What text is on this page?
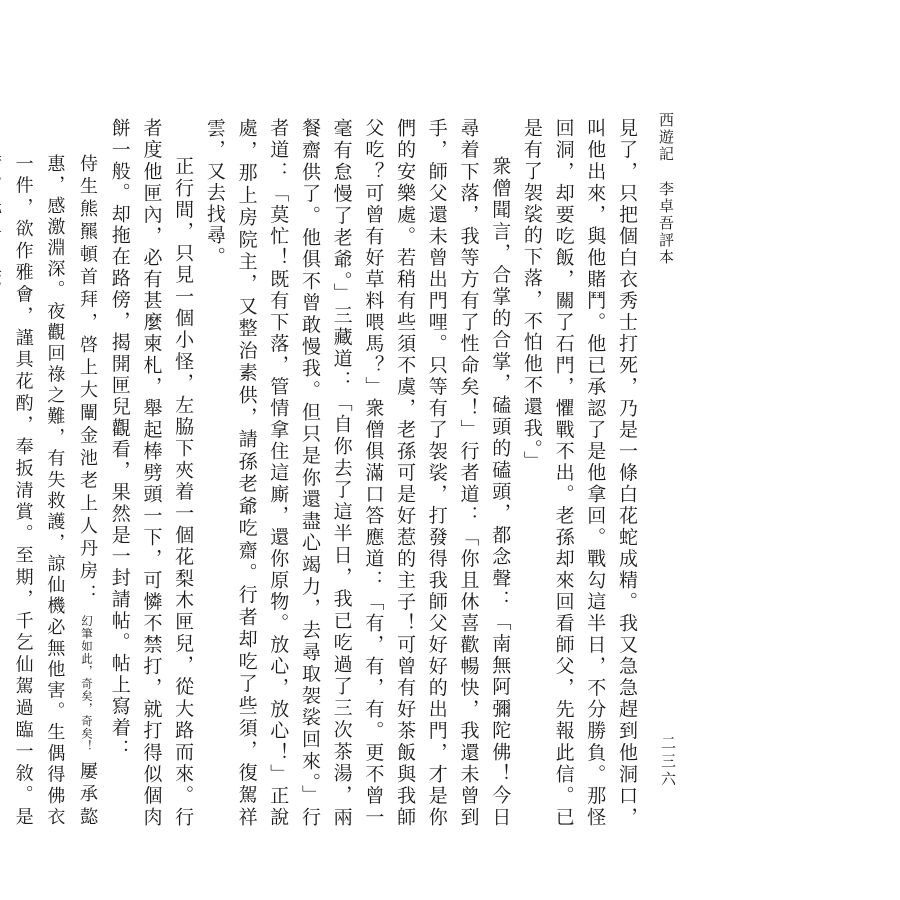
西遊記李卓吾評本
二三六

見了，只把個白衣秀士打死，乃是一條白花蛇成精。我又急急趕到他洞口，叫他出來，與他賭鬥。他已承認了是他拿回。戰勾這半日，不分勝負。那怪回洞，却要吃飯，關了石門，懼戰不出。老孫却來回看師父，先報此信。已是有了袈裟的下落，不怕他不還我。」

衆僧聞言，合掌的合掌，磕頭的磕頭，都念聲：「南無阿彌陀佛！今日尋着下落，我等方有了性命矣！」行者道：「你且休喜歡暢快，我還未曾到手，師父還未曾出門哩。只等有了袈裟，打發得我師父好好的出門，才是你們的安樂處。若稍有些須不虞，老孫可是好惹的主子！可曾有好茶飯與我師父吃？可曾有好草料喂馬？」衆僧俱滿口答應道：「有，有，有。更不曾一毫有怠慢了老爺。」三藏道：「自你去了這半日，我已吃過了三次茶湯，兩餐齋供了。他俱不曾敢慢我。但只是你還盡心竭力，去尋取袈裟回來。」行者道：「莫忙！既有下落，管情拿住這廝，還你原物。放心，放心！」正說處，那上房院主，又整治素供，請孫老爺吃齋。行者却吃了些須，復駕祥雲，又去找尋。

正行間，只見一個小怪，左脇下夾着一個花梨木匣兒，從大路而來。行者度他匣內，必有甚麼柬札，舉起棒劈頭一下，可憐不禁打，就打得似個肉餅一般。却拖在路傍，揭開匣兒觀看，果然是一封請帖。帖上寫着：

侍生熊羆頓首拜，啓上大闡金池老上人丹房：幻筆如此，奇矣，奇矣！屢承㦤惠，感激淵深。夜觀回祿之難，有失救護，諒仙機必無他害。生偶得佛衣一件，欲作雅會，謹具花酌，奉扳清賞。至期，千乞仙駕過臨一敘。是
